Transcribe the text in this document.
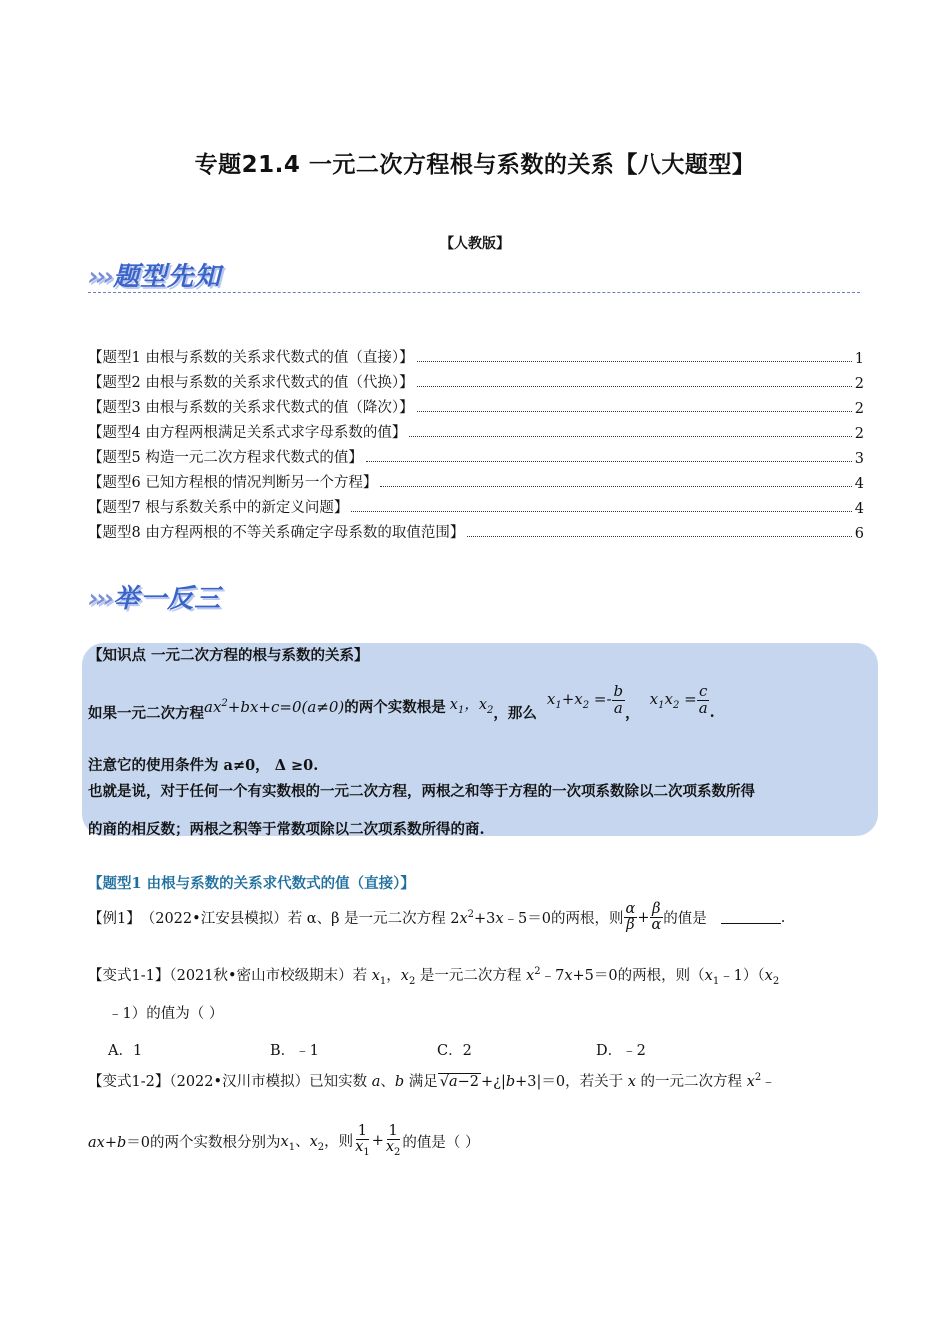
专题21.4 一元二次方程根与系数的关系【八大题型】
【人教版】
›››题型先知
【题型1 由根与系数的关系求代数式的值（直接）】	1
【题型2 由根与系数的关系求代数式的值（代换）】	2
【题型3 由根与系数的关系求代数式的值（降次）】	2
【题型4 由方程两根满足关系式求字母系数的值】	2
【题型5 构造一元二次方程求代数式的值】	3
【题型6 已知方程根的情况判断另一个方程】	4
【题型7 根与系数关系中的新定义问题】	4
【题型8 由方程两根的不等关系确定字母系数的取值范围】	6
›››举一反三
【知识点 一元二次方程的根与系数的关系】
如果一元二次方程 $ax^2+bx+c=0(a\ne 0)$ 的两个实数根是 $x_1$，$x_2$ ，那么
$x_1+x_2 =- \frac{b}{a}$ ，
$x_1x_2 = \frac{c}{a}$ .
注意它的使用条件为 a≠0， Δ ≥0.
也就是说，对于任何一个有实数根的一元二次方程，两根之和等于方程的一次项系数除以二次项系数所得
的商的相反数；两根之积等于常数项除以二次项系数所得的商.
【题型1 由根与系数的关系求代数式的值（直接）】
【例1】 （2022•江安县模拟） 若 α、β 是一元二次方程 2 $x^2+3x﹣5=0$ 的两根，则 $\frac{\alpha}{\beta} + \frac{\beta}{\alpha}$ 的值是	.
【变式1-1】（2021秋•密山市校级期末）若 $x_1$，$x_2$ 是一元二次方程 $x^2﹣7x+5=0$的两根，则$(x_1﹣1)(x_2$
﹣1）的值为（ ）
A．1	B．﹣1	C．2	D．﹣2
【变式1-2】（2022•汉川市模拟）已知实数 a、b 满足 √a−2 +¿|b+3|＝0，若关于 x 的一元二次方程 $x^2﹣$
ax+b＝0 的两个实数根分别为 $x_1$、$x_2$，则 $\frac{1}{x_1} + \frac{1}{x_2}$ 的值是（ ）
